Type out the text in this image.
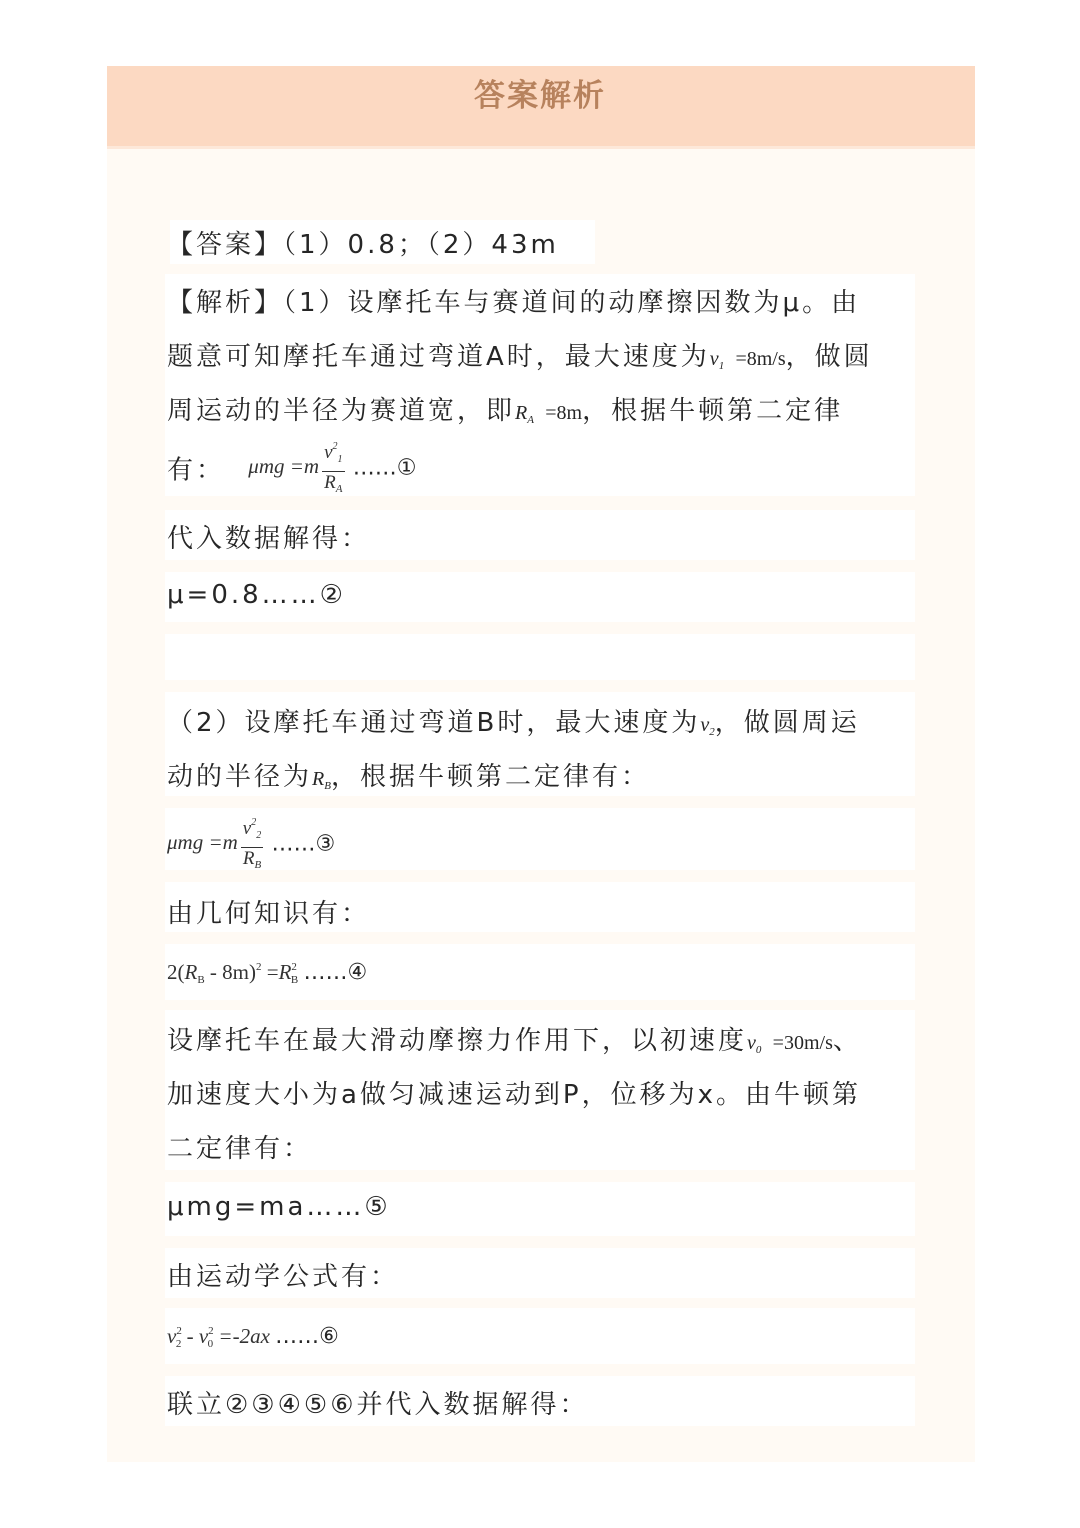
答案解析
【答案】（1）0.8；（2）43m
【解析】（1）设摩托车与赛道间的动摩擦因数为μ。由
题意可知摩托车通过弯道A时，最大速度为$v_1 =8m/s$，做圆
周运动的半径为赛道宽，即$R_A =8m$，根据牛顿第二定律
有： $\mu mg =m \frac{v^2_1}{R_A}$ ……①
代入数据解得：
μ=0.8……②
（2）设摩托车通过弯道B时，最大速度为$v_2$，做圆周运
动的半径为$R_B$，根据牛顿第二定律有：
$\mu mg =m \frac{v^2_2}{R_B}$ ……③
由几何知识有：
$2(R_B - 8m)^2 =R^2_B$ ……④
设摩托车在最大滑动摩擦力作用下，以初速度$v_0 =30m/s$、
加速度大小为a做匀减速运动到P，位移为x。由牛顿第
二定律有：
μmg=ma……⑤
由运动学公式有：
$v^2_2 - v^2_0 =-2ax$ ……⑥
联立②③④⑤⑥并代入数据解得：
